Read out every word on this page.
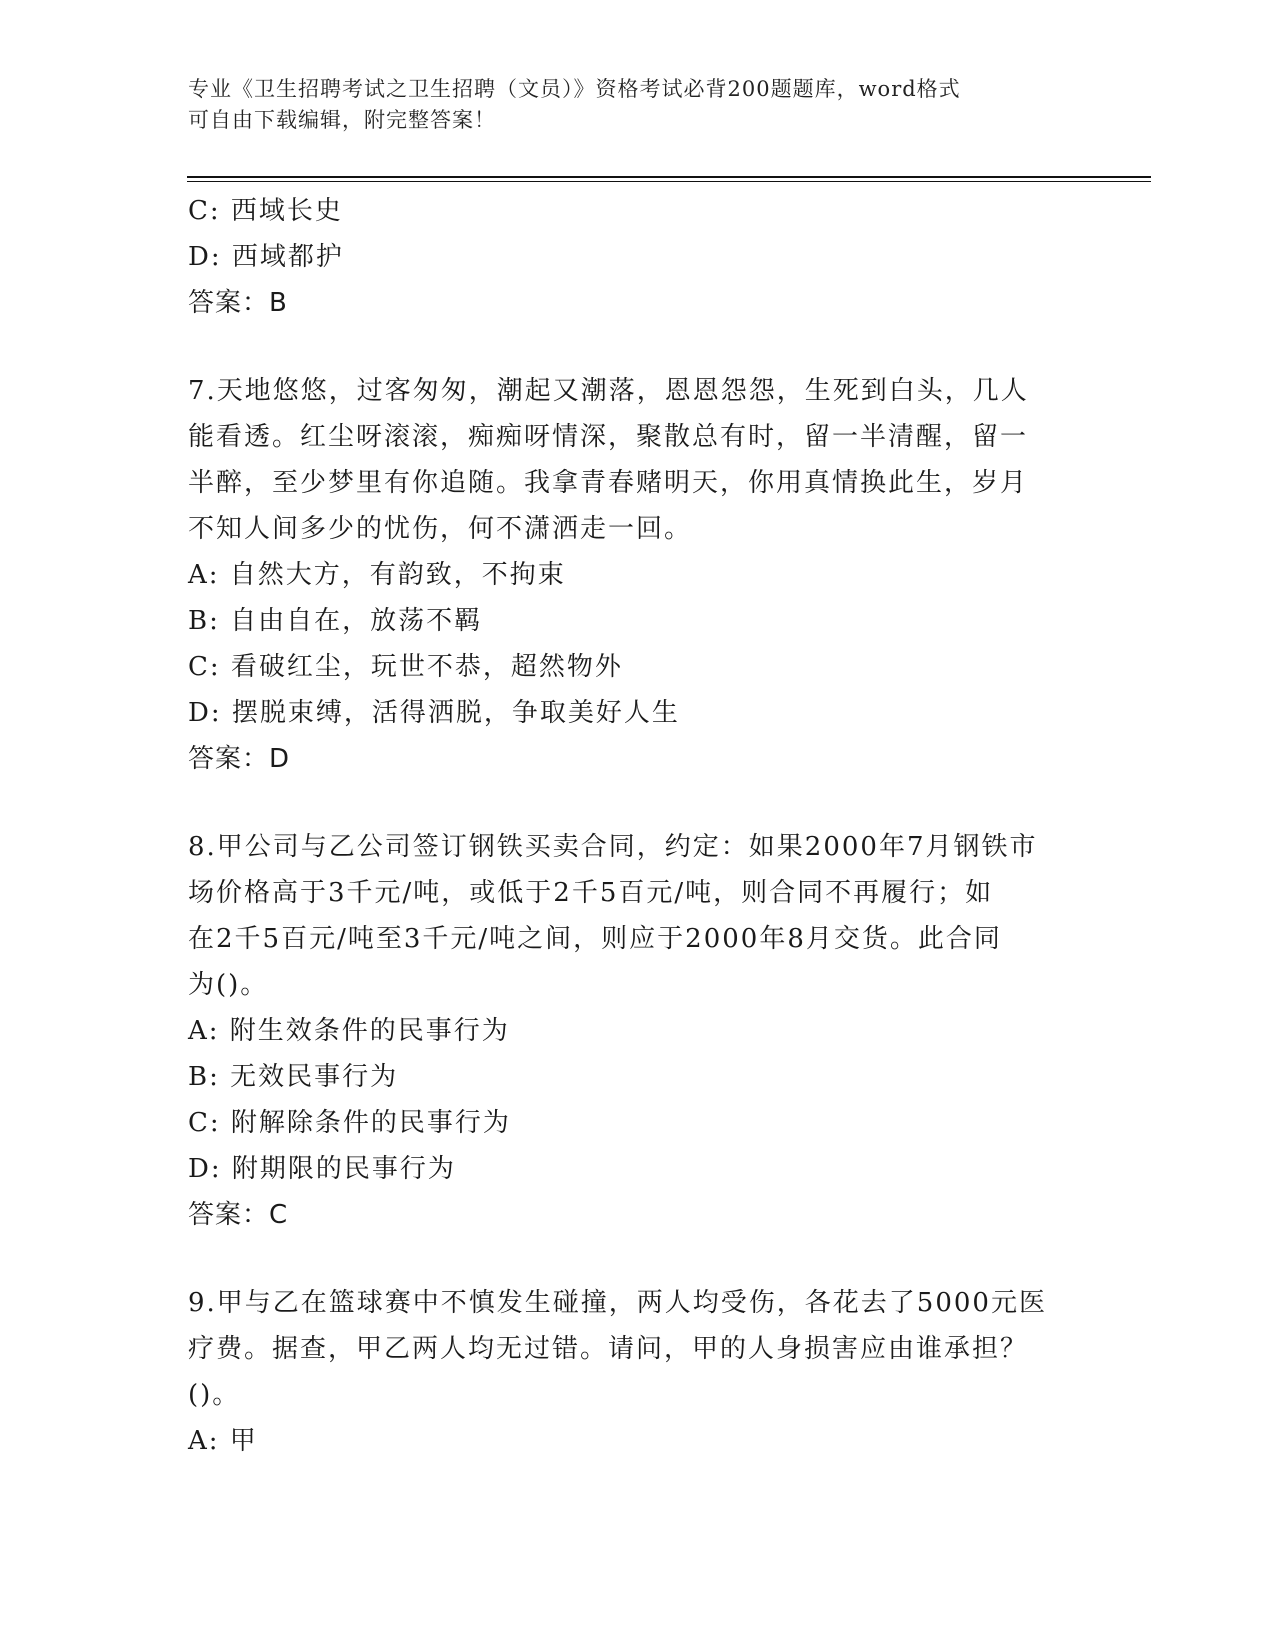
专业《卫生招聘考试之卫生招聘（文员）》资格考试必背200题题库，word格式
可自由下载编辑，附完整答案！
C: 西域长史
D: 西域都护
答案：B
7.天地悠悠，过客匆匆，潮起又潮落，恩恩怨怨，生死到白头，几人
能看透。红尘呀滚滚，痴痴呀情深，聚散总有时，留一半清醒，留一
半醉，至少梦里有你追随。我拿青春赌明天，你用真情换此生，岁月
不知人间多少的忧伤，何不潇洒走一回。
A: 自然大方，有韵致，不拘束
B: 自由自在，放荡不羁
C: 看破红尘，玩世不恭，超然物外
D: 摆脱束缚，活得洒脱，争取美好人生
答案：D
8.甲公司与乙公司签订钢铁买卖合同，约定：如果2000年7月钢铁市
场价格高于3千元/吨，或低于2千5百元/吨，则合同不再履行；如
在2千5百元/吨至3千元/吨之间，则应于2000年8月交货。此合同
为()。
A: 附生效条件的民事行为
B: 无效民事行为
C: 附解除条件的民事行为
D: 附期限的民事行为
答案：C
9.甲与乙在篮球赛中不慎发生碰撞，两人均受伤，各花去了5000元医
疗费。据查，甲乙两人均无过错。请问，甲的人身损害应由谁承担？
()。
A: 甲
